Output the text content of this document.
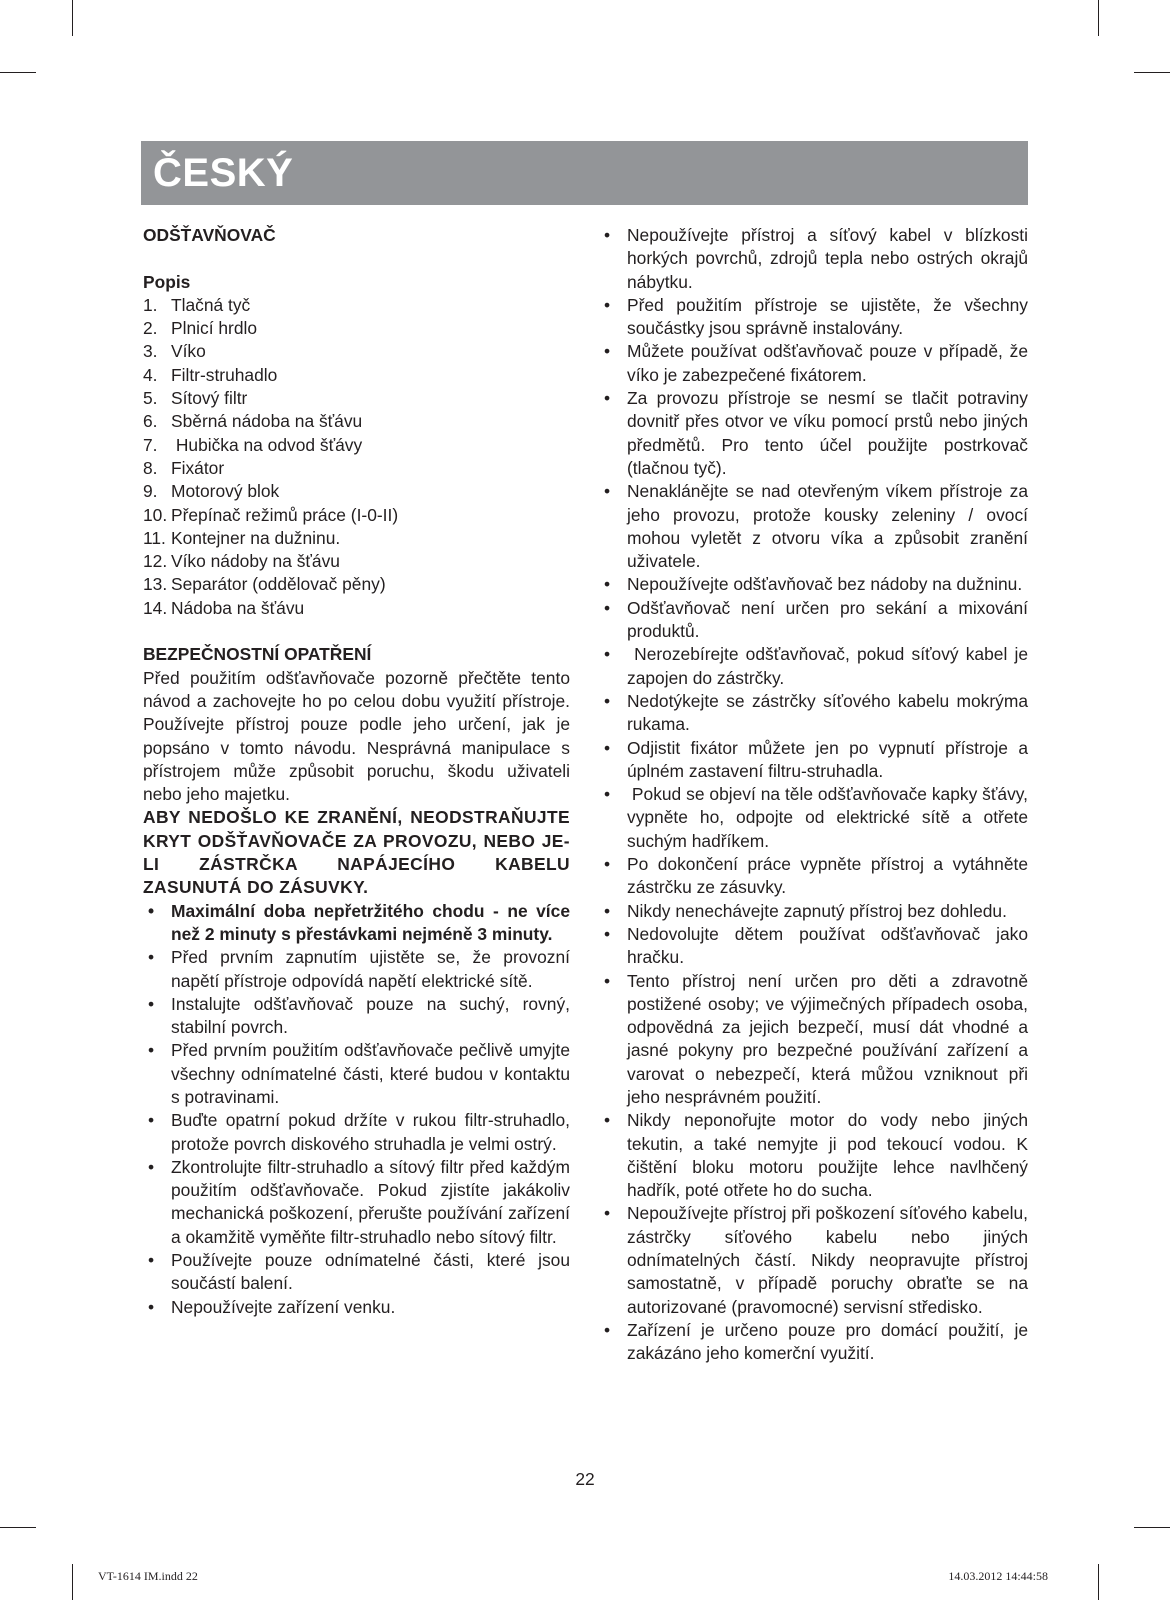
ČESKÝ

ODŠŤAVŇOVAČ

Popis

1. Tlačná tyč
2. Plnicí hrdlo
3. Víko
4. Filtr-struhadlo
5. Sítový filtr
6. Sběrná nádoba na šťávu
7. Hubička na odvod šťávy
8. Fixátor
9. Motorový blok
10. Přepínač režimů práce (I-0-II)
11. Kontejner na dužninu.
12. Víko nádoby na šťávu
13. Separátor (oddělovač pěny)
14. Nádoba na šťávu

BEZPEČNOSTNÍ OPATŘENÍ

Před použitím odšťavňovače pozorně přečtěte tento návod a zachovejte ho po celou dobu využití přístroje. Používejte přístroj pouze podle jeho určení, jak je popsáno v tomto návodu. Nesprávná manipulace s přístrojem může způsobit poruchu, škodu uživateli nebo jeho majetku.

ABY NEDOŠLO KE ZRANĚNÍ, NEODSTRAŇUJTE KRYT ODŠŤAVŇOVAČE ZA PROVOZU, NEBO JE-LI ZÁSTRČKA NAPÁJECÍHO KABELU ZASUNUTÁ DO ZÁSUVKY.

• Maximální doba nepřetržitého chodu - ne více než 2 minuty s přestávkami nejméně 3 minuty.
• Před prvním zapnutím ujistěte se, že provozní napětí přístroje odpovídá napětí elektrické sítě.
• Instalujte odšťavňovač pouze na suchý, rovný, stabilní povrch.
• Před prvním použitím odšťavňovače pečlivě umyjte všechny odnímatelné části, které budou v kontaktu s potravinami.
• Buďte opatrní pokud držíte v rukou filtr-struhadlo, protože povrch diskového struhadla je velmi ostrý.
• Zkontrolujte filtr-struhadlo a sítový filtr před každým použitím odšťavňovače. Pokud zjistíte jakákoliv mechanická poškození, přerušte používání zařízení a okamžitě vyměňte filtr-struhadlo nebo sítový filtr.
• Používejte pouze odnímatelné části, které jsou součástí balení.
• Nepoužívejte zařízení venku.
• Nepoužívejte přístroj a síťový kabel v blízkosti horkých povrchů, zdrojů tepla nebo ostrých okrajů nábytku.
• Před použitím přístroje se ujistěte, že všechny součástky jsou správně instalovány.
• Můžete používat odšťavňovač pouze v případě, že víko je zabezpečené fixátorem.
• Za provozu přístroje se nesmí se tlačit potraviny dovnitř přes otvor ve víku pomocí prstů nebo jiných předmětů. Pro tento účel použijte postrkovač (tlačnou tyč).
• Nenaklánějte se nad otevřeným víkem přístroje za jeho provozu, protože kousky zeleniny / ovocí mohou vyletět z otvoru víka a způsobit zranění uživatele.
• Nepoužívejte odšťavňovač bez nádoby na dužninu.
• Odšťavňovač není určen pro sekání a mixování produktů.
• Nerozebírejte odšťavňovač, pokud síťový kabel je zapojen do zástrčky.
• Nedotýkejte se zástrčky síťového kabelu mokrýma rukama.
• Odjistit fixátor můžete jen po vypnutí přístroje a úplném zastavení filtru-struhadla.
• Pokud se objeví na těle odšťavňovače kapky šťávy, vypněte ho, odpojte od elektrické sítě a otřete suchým hadříkem.
• Po dokončení práce vypněte přístroj a vytáhněte zástrčku ze zásuvky.
• Nikdy nenechávejte zapnutý přístroj bez dohledu.
• Nedovolujte dětem používat odšťavňovač jako hračku.
• Tento přístroj není určen pro děti a zdravotně postižené osoby; ve výjimečných případech osoba, odpovědná za jejich bezpečí, musí dát vhodné a jasné pokyny pro bezpečné používání zařízení a varovat o nebezpečí, která můžou vzniknout při jeho nesprávném použití.
• Nikdy neponořujte motor do vody nebo jiných tekutin, a také nemyjte ji pod tekoucí vodou. K čištění bloku motoru použijte lehce navlhčený hadřík, poté otřete ho do sucha.
• Nepoužívejte přístroj při poškození síťového kabelu, zástrčky síťového kabelu nebo jiných odnímatelných částí. Nikdy neopravujte přístroj samostatně, v případě poruchy obraťte se na autorizované (pravomocné) servisní středisko.
• Zařízení je určeno pouze pro domácí použití, je zakázáno jeho komerční využití.
22
VT-1614 IM.indd 22	14.03.2012 14:44:58
